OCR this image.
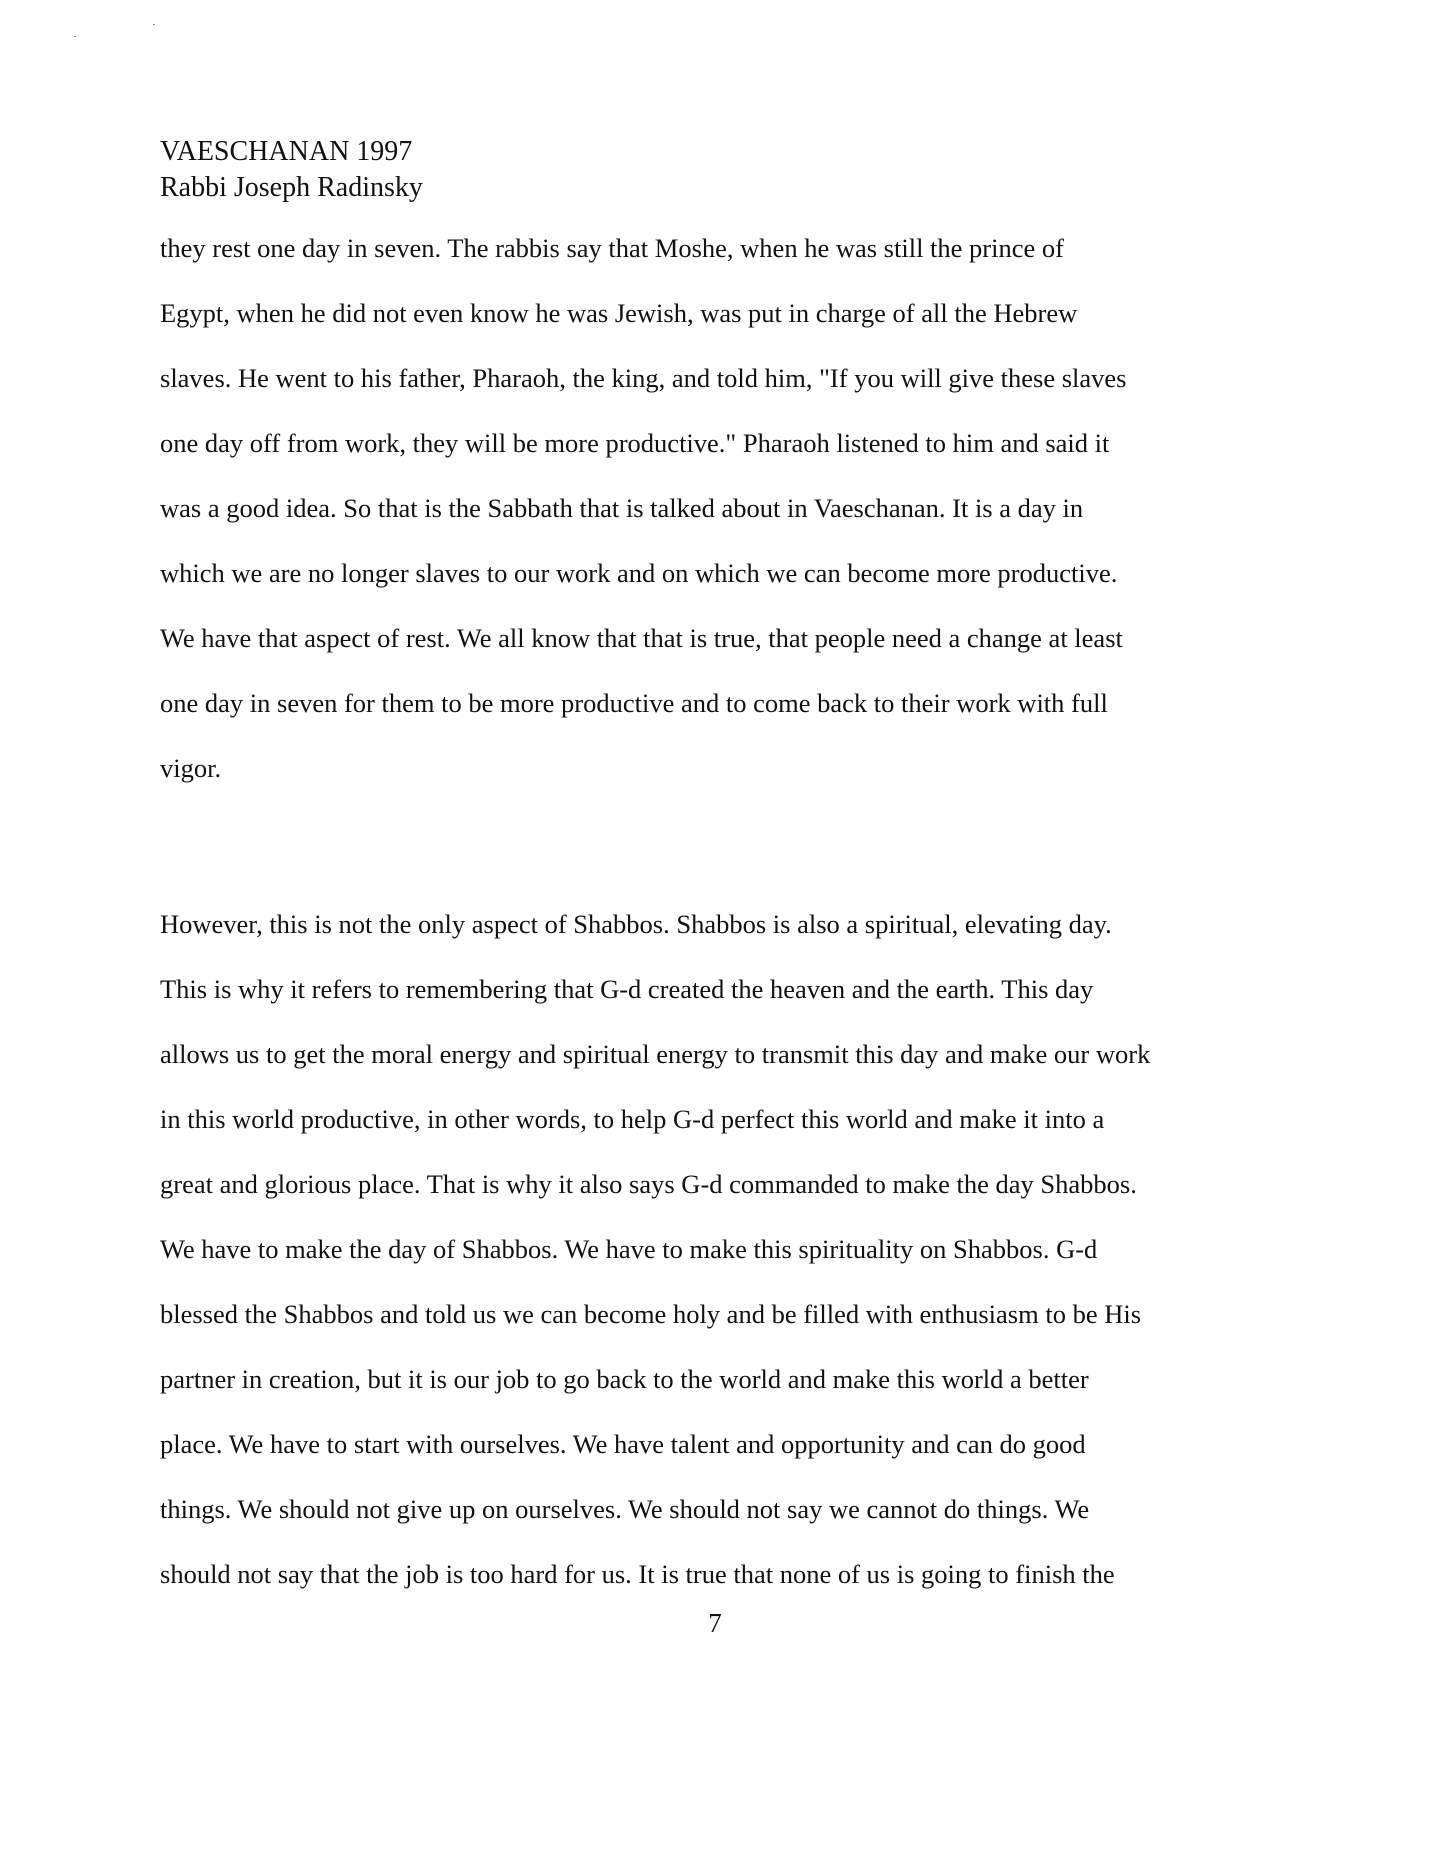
VAESCHANAN 1997
Rabbi Joseph Radinsky
they rest one day in seven. The rabbis say that Moshe, when he was still the prince of
Egypt, when he did not even know he was Jewish, was put in charge of all the Hebrew
slaves. He went to his father, Pharaoh, the king, and told him, "If you will give these slaves
one day off from work, they will be more productive." Pharaoh listened to him and said it
was a good idea. So that is the Sabbath that is talked about in Vaeschanan. It is a day in
which we are no longer slaves to our work and on which we can become more productive.
We have that aspect of rest. We all know that that is true, that people need a change at least
one day in seven for them to be more productive and to come back to their work with full
vigor.
However, this is not the only aspect of Shabbos. Shabbos is also a spiritual, elevating day.
This is why it refers to remembering that G-d created the heaven and the earth. This day
allows us to get the moral energy and spiritual energy to transmit this day and make our work
in this world productive, in other words, to help G-d perfect this world and make it into a
great and glorious place. That is why it also says G-d commanded to make the day Shabbos.
We have to make the day of Shabbos. We have to make this spirituality on Shabbos. G-d
blessed the Shabbos and told us we can become holy and be filled with enthusiasm to be His
partner in creation, but it is our job to go back to the world and make this world a better
place. We have to start with ourselves. We have talent and opportunity and can do good
things. We should not give up on ourselves. We should not say we cannot do things. We
should not say that the job is too hard for us. It is true that none of us is going to finish the
7
